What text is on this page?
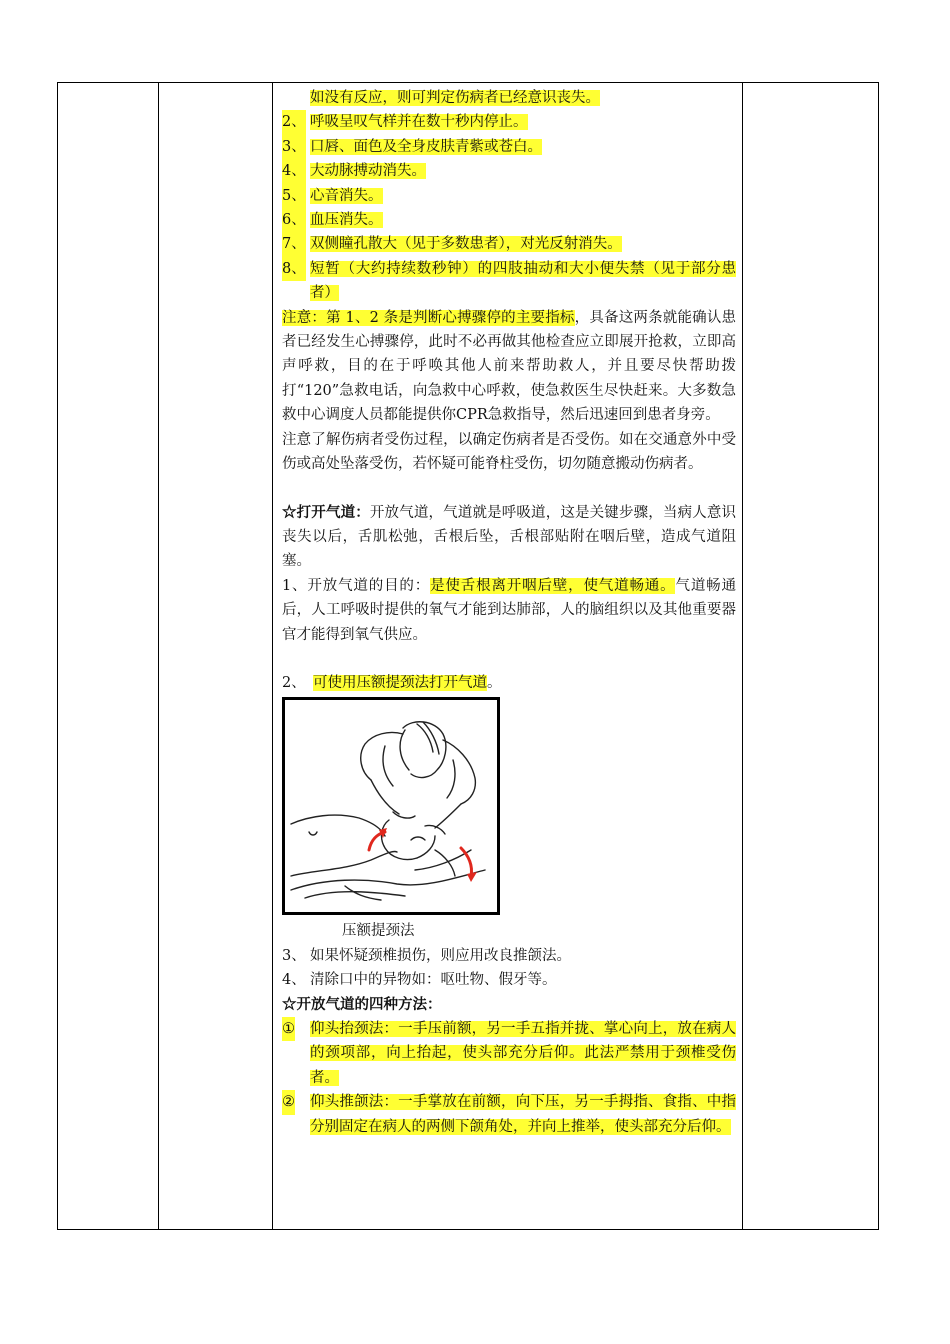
如没有反应，则可判定伤病者已经意识丧失。

2、 呼吸呈叹气样并在数十秒内停止。

3、 口唇、面色及全身皮肤青紫或苍白。

4、 大动脉搏动消失。

5、 心音消失。

6、 血压消失。

7、 双侧瞳孔散大（见于多数患者），对光反射消失。

8、 短暂（大约持续数秒钟）的四肢抽动和大小便失禁（见于部分患者）

注意：第 1、2 条是判断心搏骤停的主要指标，具备这两条就能确认患者已经发生心搏骤停，此时不必再做其他检查应立即展开抢救，立即高声呼救，目的在于呼唤其他人前来帮助救人，并且要尽快帮助拨打“120”急救电话，向急救中心呼救，使急救医生尽快赶来。大多数急救中心调度人员都能提供你CPR急救指导，然后迅速回到患者身旁。

注意了解伤病者受伤过程，以确定伤病者是否受伤。如在交通意外中受伤或高处坠落受伤，若怀疑可能脊柱受伤，切勿随意搬动伤病者。

☆打开气道：开放气道，气道就是呼吸道，这是关键步骤，当病人意识丧失以后，舌肌松弛，舌根后坠，舌根部贴附在咽后壁，造成气道阻塞。

1、开放气道的目的：是使舌根离开咽后壁，使气道畅通。气道畅通后，人工呼吸时提供的氧气才能到达肺部，人的脑组织以及其他重要器官才能得到氧气供应。

2、　 可使用压额提颈法打开气道。

压额提颈法

3、 如果怀疑颈椎损伤，则应用改良推颌法。

4、 清除口中的异物如：呕吐物、假牙等。

☆开放气道的四种方法：

① 仰头抬颈法：一手压前额，另一手五指并拢、掌心向上，放在病人的颈项部，向上抬起，使头部充分后仰。此法严禁用于颈椎受伤者。

② 仰头推颌法：一手掌放在前额，向下压，另一手拇指、食指、中指分别固定在病人的两侧下颌角处，并向上推举，使头部充分后仰。
